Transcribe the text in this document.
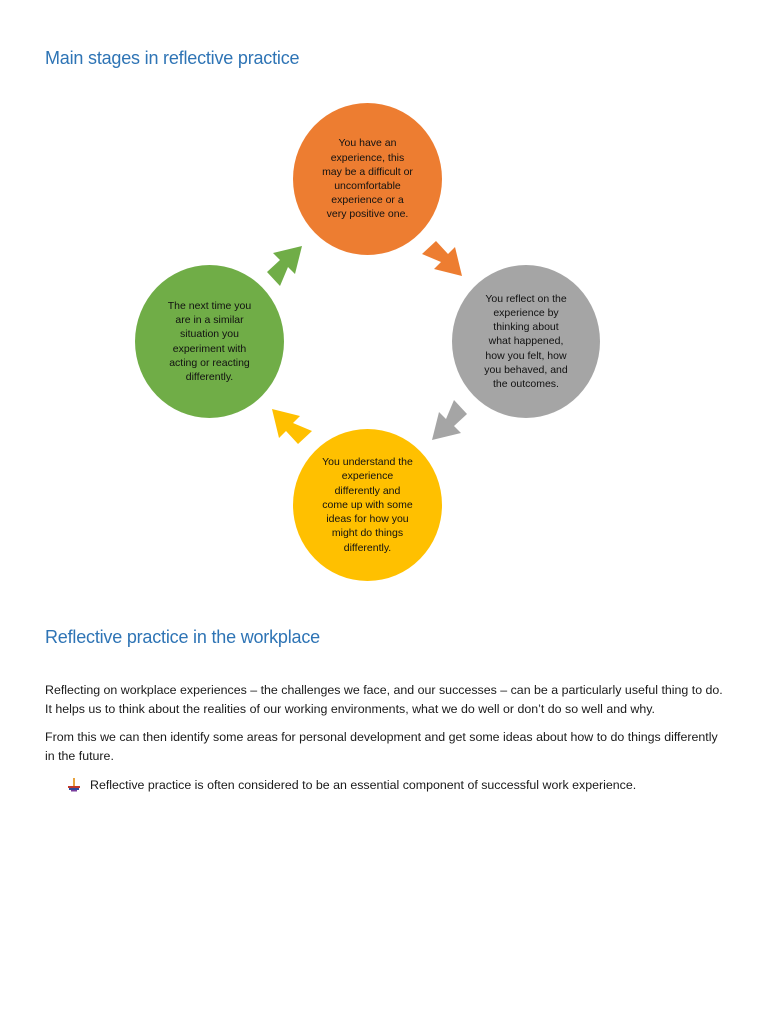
Main stages in reflective practice

You have an
experience, this
may be a difficult or
uncomfortable
experience or a
very positive one.

You reflect on the
experience by
thinking about
what happened,
how you felt, how
you behaved, and
the outcomes.

You understand the
experience
differently and
come up with some
ideas for how you
might do things
differently.

The next time you
are in a similar
situation you
experiment with
acting or reacting
differently.

Reflective practice in the workplace

Reflecting on workplace experiences – the challenges we face, and our successes – can be a particularly useful thing to do. It helps us to think about the realities of our working environments, what we do well or don’t do so well and why.

From this we can then identify some areas for personal development and get some ideas about how to do things differently in the future.

Reflective practice is often considered to be an essential component of successful work experience.
